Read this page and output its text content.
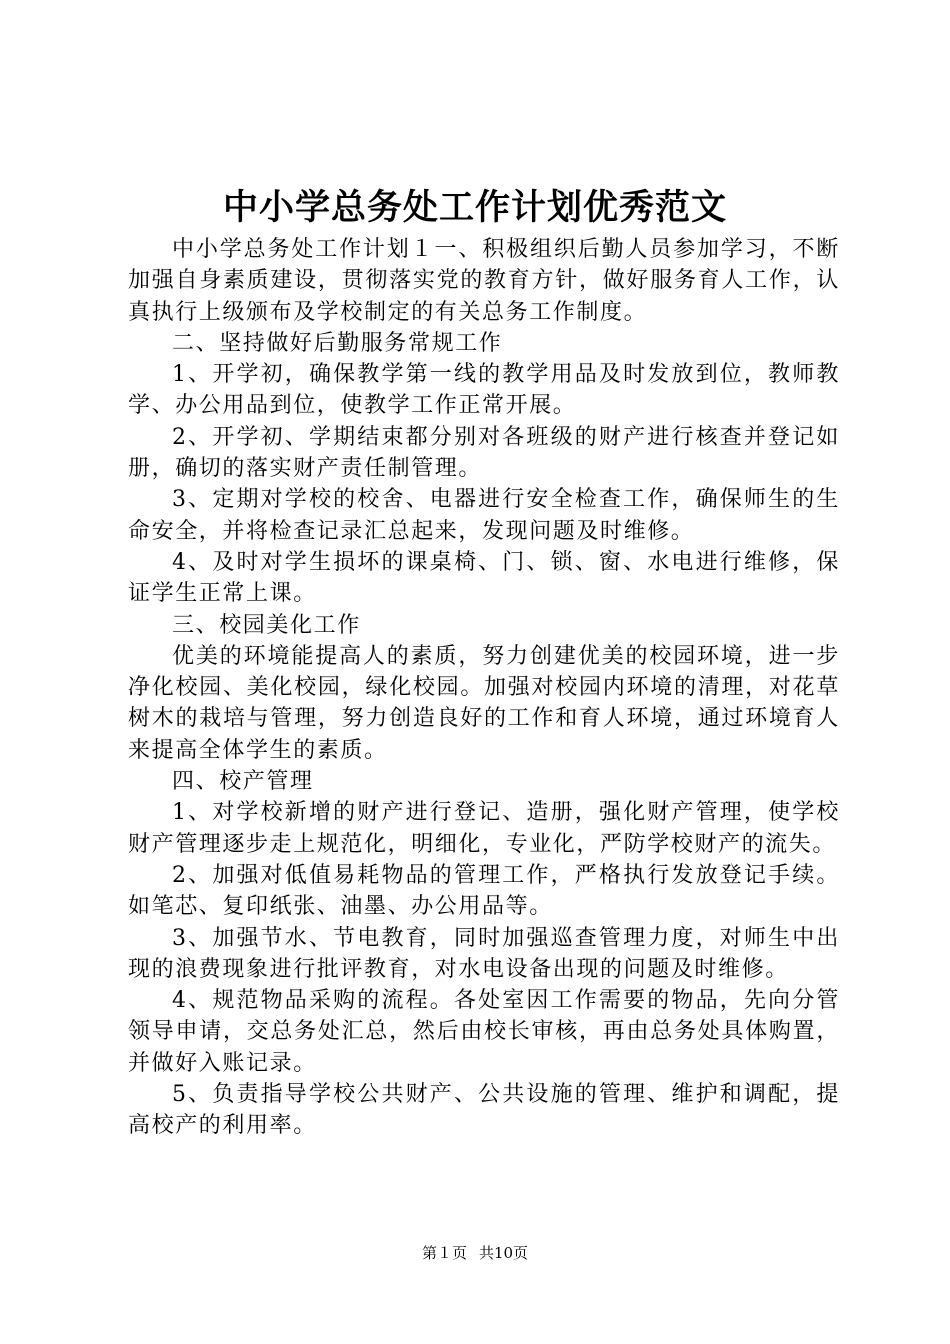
中小学总务处工作计划优秀范文

中小学总务处工作计划１一、积极组织后勤人员参加学习，不断加强自身素质建设，贯彻落实党的教育方针，做好服务育人工作，认真执行上级颁布及学校制定的有关总务工作制度。

二、坚持做好后勤服务常规工作

1、开学初，确保教学第一线的教学用品及时发放到位，教师教学、办公用品到位，使教学工作正常开展。

2、开学初、学期结束都分别对各班级的财产进行核查并登记如册，确切的落实财产责任制管理。

3、定期对学校的校舍、电器进行安全检查工作，确保师生的生命安全，并将检查记录汇总起来，发现问题及时维修。

4、及时对学生损坏的课桌椅、门、锁、窗、水电进行维修，保证学生正常上课。

三、校园美化工作

优美的环境能提高人的素质，努力创建优美的校园环境，进一步净化校园、美化校园，绿化校园。加强对校园内环境的清理，对花草树木的栽培与管理，努力创造良好的工作和育人环境，通过环境育人来提高全体学生的素质。

四、校产管理

1、对学校新增的财产进行登记、造册，强化财产管理，使学校财产管理逐步走上规范化，明细化，专业化，严防学校财产的流失。

2、加强对低值易耗物品的管理工作，严格执行发放登记手续。如笔芯、复印纸张、油墨、办公用品等。

3、加强节水、节电教育，同时加强巡查管理力度，对师生中出现的浪费现象进行批评教育，对水电设备出现的问题及时维修。

4、规范物品采购的流程。各处室因工作需要的物品，先向分管领导申请，交总务处汇总，然后由校长审核，再由总务处具体购置，并做好入账记录。

5、负责指导学校公共财产、公共设施的管理、维护和调配，提高校产的利用率。

第１页 共10页
